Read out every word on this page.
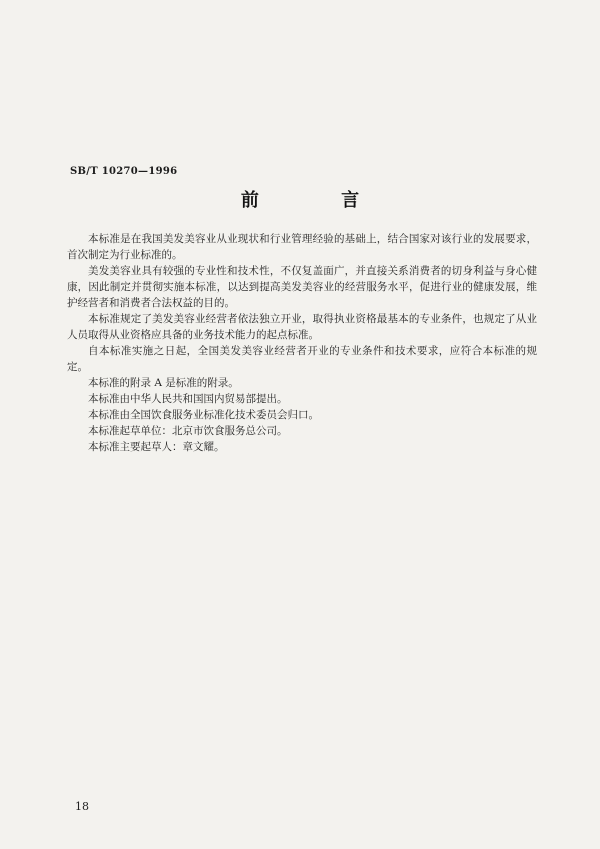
SB/T 10270—1996
前 言

本标准是在我国美发美容业从业现状和行业管理经验的基础上，结合国家对该行业的发展要求，首次制定为行业标准的。

美发美容业具有较强的专业性和技术性，不仅复盖面广，并直接关系消费者的切身利益与身心健康，因此制定并贯彻实施本标准，以达到提高美发美容业的经营服务水平，促进行业的健康发展，维护经营者和消费者合法权益的目的。

本标准规定了美发美容业经营者依法独立开业，取得执业资格最基本的专业条件，也规定了从业人员取得从业资格应具备的业务技术能力的起点标准。

自本标准实施之日起，全国美发美容业经营者开业的专业条件和技术要求，应符合本标准的规定。

本标准的附录 A 是标准的附录。

本标准由中华人民共和国国内贸易部提出。

本标准由全国饮食服务业标准化技术委员会归口。

本标准起草单位：北京市饮食服务总公司。

本标准主要起草人：章文耀。

18
